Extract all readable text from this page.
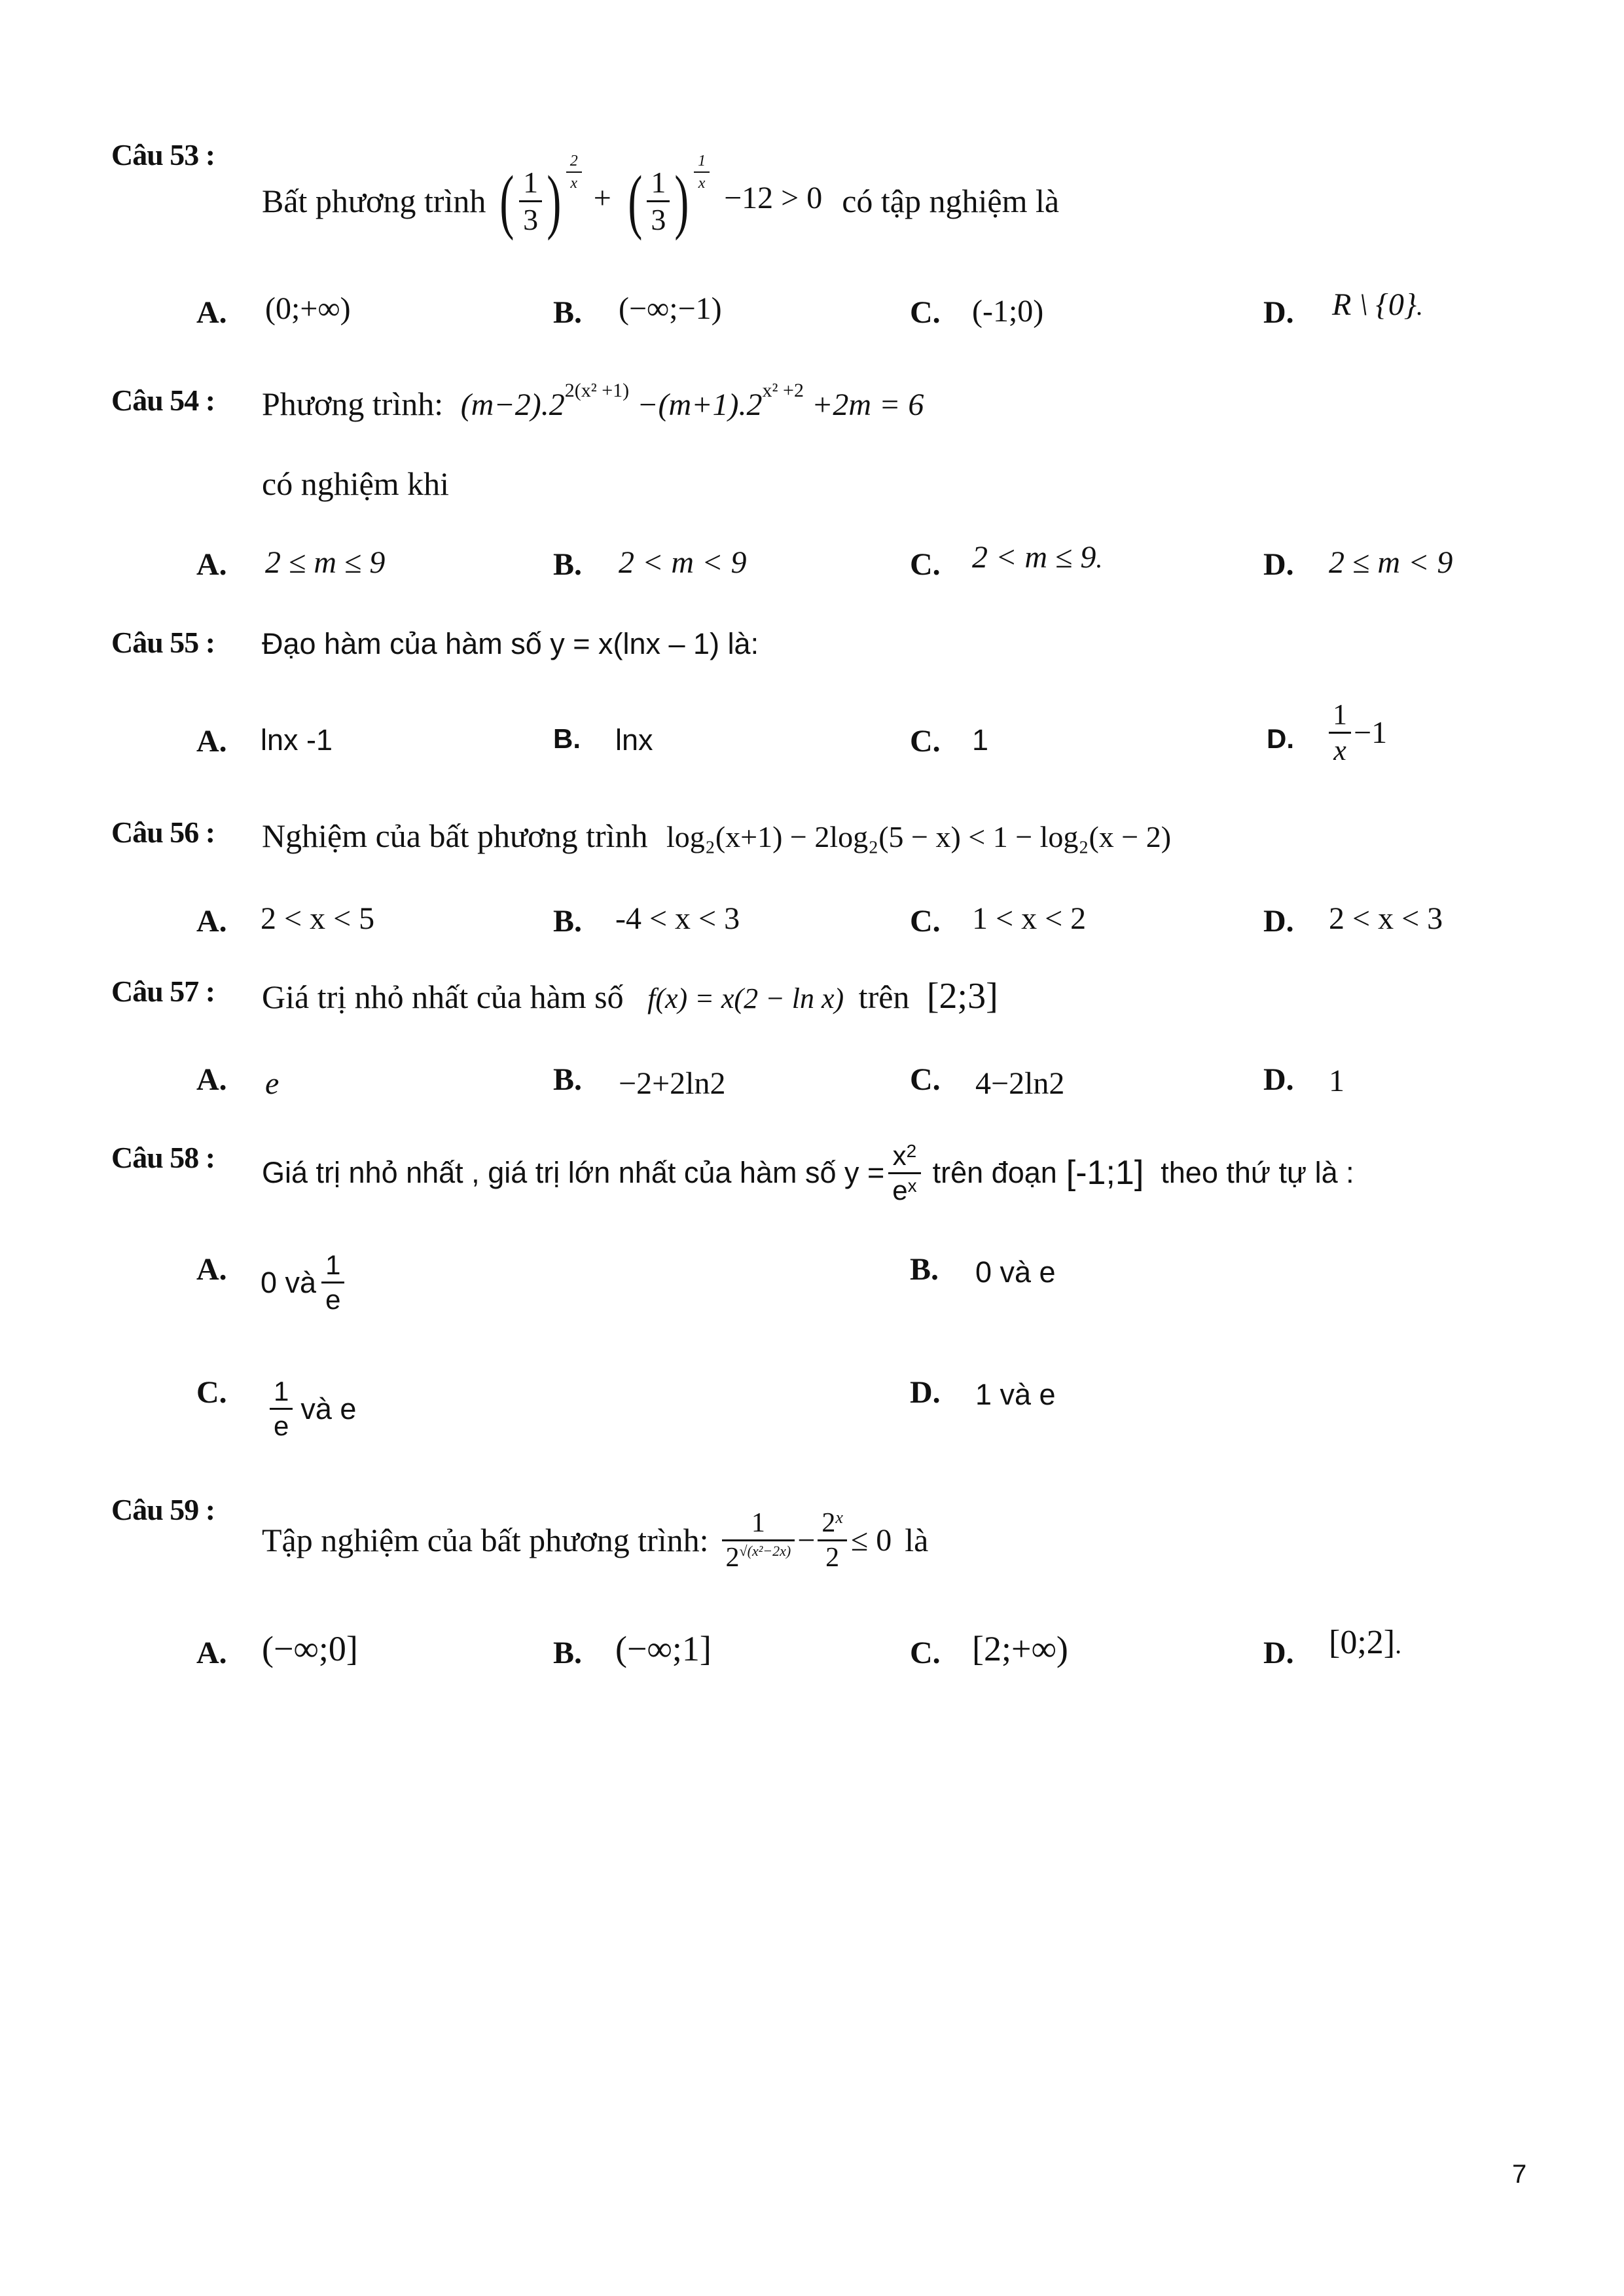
Câu 53 :
Bất phương trình ( $\frac{1}{3}$ ) $\frac{2}{x}$
+ ( $\frac{1}{3}$ ) $\frac{1}{x}$
−12 > 0 có tập nghiệm là
A. (0;+∞)	B. (−∞;−1)	C. (-1;0)	D. R \ {0}.
Câu 54 : Phương trình: $(m-2).2^{2(x^2 +1)} -(m+1).2^{x^2 +2} +2m = 6$
có nghiệm khi
A. 2 ≤ m ≤ 9	B. 2 < m < 9	C. 2 < m ≤ 9.	D. 2 ≤ m < 9
Câu 55 : Đạo hàm của hàm số y = x(lnx – 1) là:
A. lnx -1	B. lnx	C. 1	D. $\frac{1}{x} -1$
Câu 56 : Nghiệm của bất phương trình log₂(x+1) − 2log₂(5 − x) < 1 − log₂(x − 2)
A. 2 < x < 5	B. -4 < x < 3	C. 1 < x < 2	D. 2 < x < 3
Câu 57 : Giá trị nhỏ nhất của hàm số f(x) = x(2 − ln x) trên [2;3]
A. e	B. −2+2ln2	C. 4−2ln2	D. 1
Câu 58 : Giá trị nhỏ nhất , giá trị lớn nhất của hàm số $y = \frac{x^2}{e^x}$ trên đoạn [-1;1] theo thứ tự là :
A. 0 và $\frac{1}{e}$	B. 0 và e
C. $\frac{1}{e}$ và e	D. 1 và e
Câu 59 :
Tập nghiệm của bất phương trình: $\frac{1}{2^{√(x^2-2x)}} - \frac{2^x}{2} \le 0$ là
A. (−∞;0]	B. (−∞;1]	C. [2;+∞)	D. [0;2].
7
